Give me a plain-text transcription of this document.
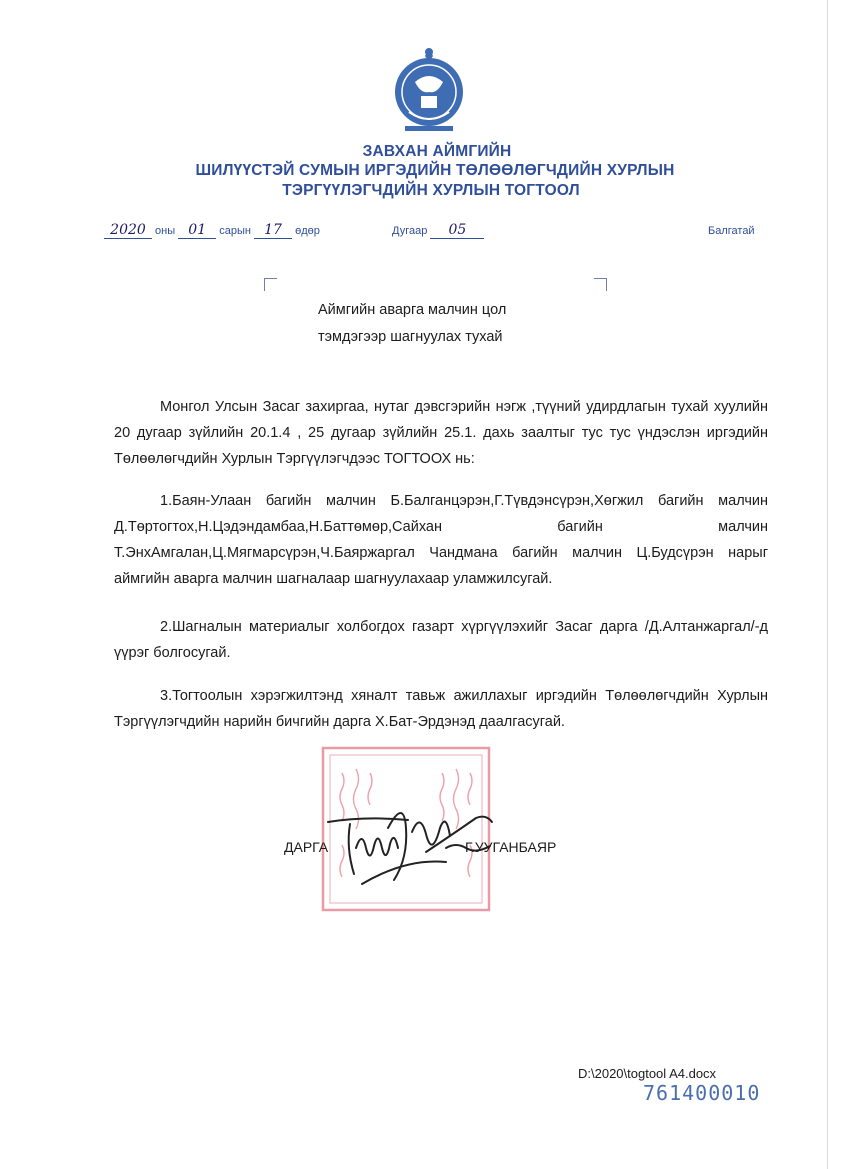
ЗАВХАН АЙМГИЙН
ШИЛҮҮСТЭЙ СУМЫН ИРГЭДИЙН ТӨЛӨӨЛӨГЧДИЙН ХУРЛЫН
ТЭРГҮҮЛЭГЧДИЙН ХУРЛЫН ТОГТООЛ
2020 оны 01 сарын 17 өдөр	Дугаар 05	Балгатай
Аймгийн аварга малчин цол
тэмдэгээр шагнуулах тухай
Монгол Улсын Засаг захиргаа, нутаг дэвсгэрийн нэгж ,түүний удирдлагын тухай хуулийн 20 дугаар зүйлийн 20.1.4 , 25 дугаар зүйлийн 25.1. дахь заалтыг тус тус үндэслэн иргэдийн Төлөөлөгчдийн Хурлын Тэргүүлэгчдээс ТОГТООХ нь:
1.Баян-Улаан багийн малчин Б.Балганцэрэн,Г.Түвдэнсүрэн,Хөгжил багийн малчин Д.Төртогтох,Н.Цэдэндамбаа,Н.Баттөмөр,Сайхан багийн малчин Т.ЭнхАмгалан,Ц.Мягмарсүрэн,Ч.Баяржаргал Чандмана багийн малчин Ц.Будсүрэн нарыг аймгийн аварга малчин шагналаар шагнуулахаар уламжилсугай.
2.Шагналын материалыг холбогдох газарт хүргүүлэхийг Засаг дарга /Д.Алтанжаргал/-д үүрэг болгосугай.
3.Тогтоолын хэрэгжилтэнд хяналт тавьж ажиллахыг иргэдийн Төлөөлөгчдийн Хурлын Тэргүүлэгчдийн нарийн бичгийн дарга Х.Бат-Эрдэнэд даалгасугай.
ДАРГА	Г.УУГАНБАЯР
D:\2020\togtool A4.docx
761400010
